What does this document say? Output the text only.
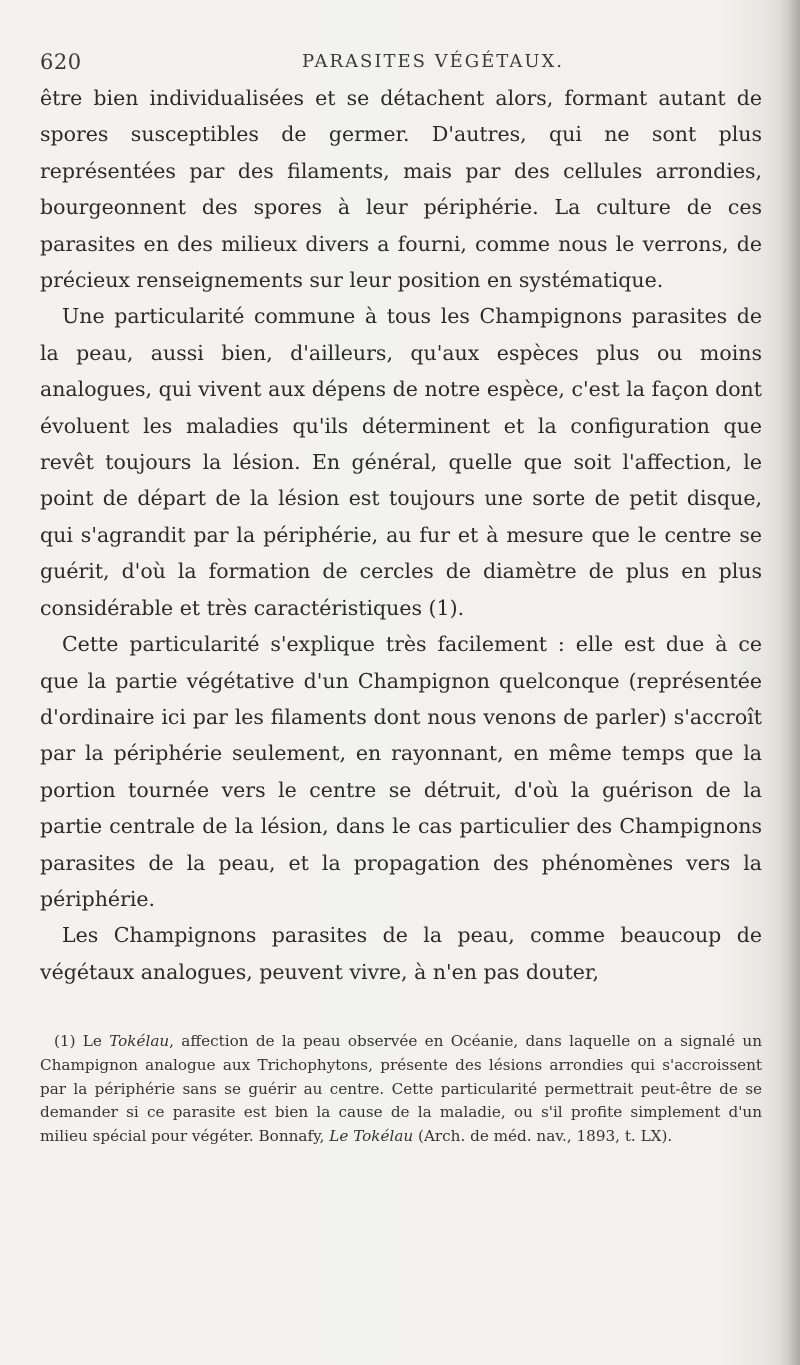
620	PARASITES VÉGÉTAUX.

être bien individualisées et se détachent alors, formant autant de spores susceptibles de germer. D'autres, qui ne sont plus représentées par des filaments, mais par des cellules arrondies, bourgeonnent des spores à leur périphérie. La culture de ces parasites en des milieux divers a fourni, comme nous le verrons, de précieux renseignements sur leur position en systématique.

Une particularité commune à tous les Champignons parasites de la peau, aussi bien, d'ailleurs, qu'aux espèces plus ou moins analogues, qui vivent aux dépens de notre espèce, c'est la façon dont évoluent les maladies qu'ils déterminent et la configuration que revêt toujours la lésion. En général, quelle que soit l'affection, le point de départ de la lésion est toujours une sorte de petit disque, qui s'agrandit par la périphérie, au fur et à mesure que le centre se guérit, d'où la formation de cercles de diamètre de plus en plus considérable et très caractéristiques (1).

Cette particularité s'explique très facilement : elle est due à ce que la partie végétative d'un Champignon quelconque (représentée d'ordinaire ici par les filaments dont nous venons de parler) s'accroît par la périphérie seulement, en rayonnant, en même temps que la portion tournée vers le centre se détruit, d'où la guérison de la partie centrale de la lésion, dans le cas particulier des Champignons parasites de la peau, et la propagation des phénomènes vers la périphérie.

Les Champignons parasites de la peau, comme beaucoup de végétaux analogues, peuvent vivre, à n'en pas douter,

(1) Le Tokélau, affection de la peau observée en Océanie, dans laquelle on a signalé un Champignon analogue aux Trichophytons, présente des lésions arrondies qui s'accroissent par la périphérie sans se guérir au centre. Cette particularité permettrait peut-être de se demander si ce parasite est bien la cause de la maladie, ou s'il profite simplement d'un milieu spécial pour végéter. Bonnafy, Le Tokélau (Arch. de méd. nav., 1893, t. LX).
